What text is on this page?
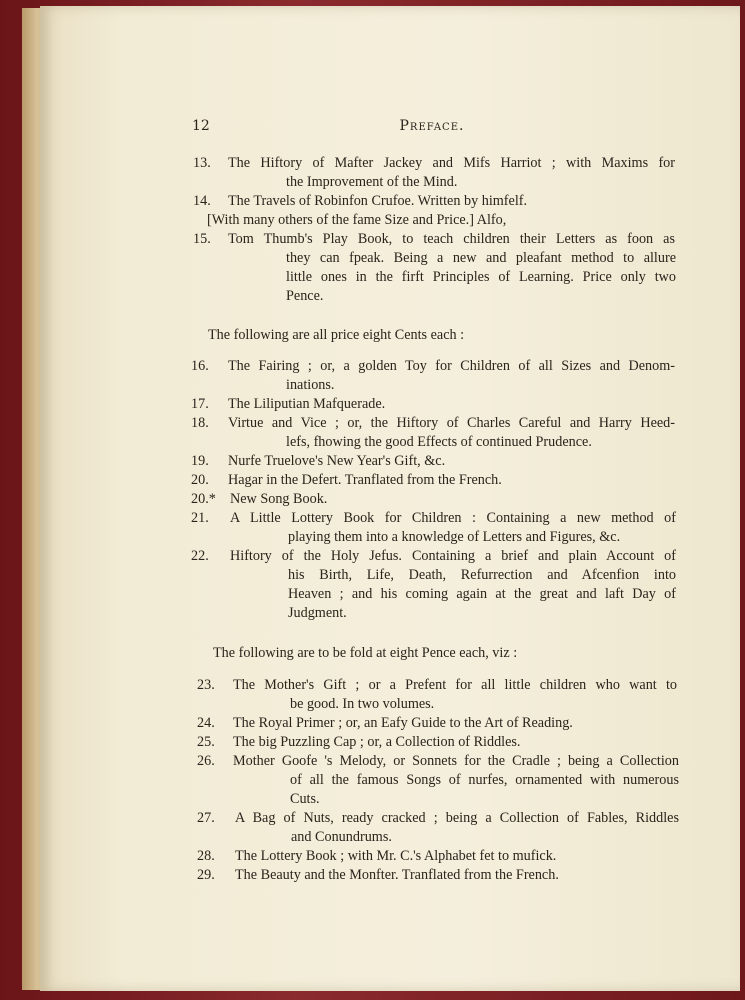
12	Preface.
13.	The Hiftory of Mafter Jackey and Mifs Harriot ; with Maxims for
the Improvement of the Mind.
14.	The Travels of Robinfon Crufoe. Written by himfelf.
[With many others of the fame Size and Price.] Alfo,
15.	Tom Thumb's Play Book, to teach children their Letters as foon as
they can fpeak. Being a new and pleafant method to allure
little ones in the firft Principles of Learning. Price only two
Pence.
The following are all price eight Cents each :
16.	The Fairing ; or, a golden Toy for Children of all Sizes and Denom-
inations.
17.	The Liliputian Mafquerade.
18.	Virtue and Vice ; or, the Hiftory of Charles Careful and Harry Heed-
lefs, fhowing the good Effects of continued Prudence.
19.	Nurfe Truelove's New Year's Gift, &c.
20.	Hagar in the Defert. Tranflated from the French.
20.* New Song Book.
21.	A Little Lottery Book for Children : Containing a new method of
playing them into a knowledge of Letters and Figures, &c.
22.	Hiftory of the Holy Jefus. Containing a brief and plain Account of
his Birth, Life, Death, Refurrection and Afcenfion into
Heaven ; and his coming again at the great and laft Day of
Judgment.
The following are to be fold at eight Pence each, viz :
23.	The Mother's Gift ; or a Prefent for all little children who want to
be good. In two volumes.
24.	The Royal Primer ; or, an Eafy Guide to the Art of Reading.
25.	The big Puzzling Cap ; or, a Collection of Riddles.
26.	Mother Goofe 's Melody, or Sonnets for the Cradle ; being a Collection
of all the famous Songs of nurfes, ornamented with numerous
Cuts.
27.	A Bag of Nuts, ready cracked ; being a Collection of Fables, Riddles
and Conundrums.
28.	The Lottery Book ; with Mr. C.'s Alphabet fet to mufick.
29.	The Beauty and the Monfter. Tranflated from the French.
